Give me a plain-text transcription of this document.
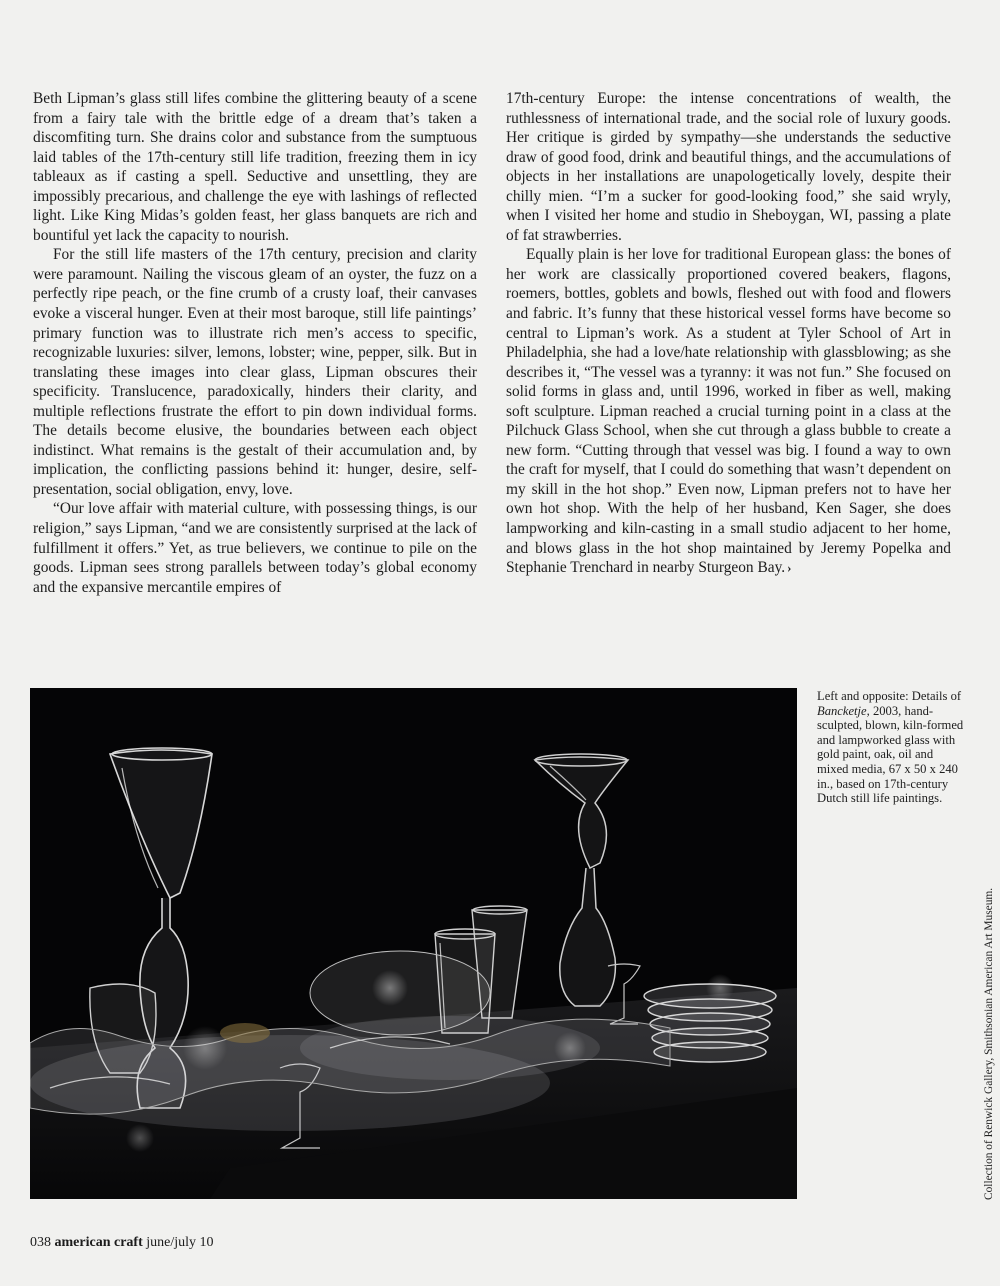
Beth Lipman’s glass still lifes combine the glittering beauty of a scene from a fairy tale with the brittle edge of a dream that’s taken a discomfiting turn. She drains color and substance from the sumptuous laid tables of the 17th-century still life tradition, freezing them in icy tableaux as if casting a spell. Seductive and unsettling, they are impossibly precarious, and challenge the eye with lashings of reflected light. Like King Midas’s golden feast, her glass banquets are rich and bountiful yet lack the capacity to nourish.

For the still life masters of the 17th century, precision and clarity were paramount. Nailing the viscous gleam of an oyster, the fuzz on a perfectly ripe peach, or the fine crumb of a crusty loaf, their canvases evoke a visceral hunger. Even at their most baroque, still life paintings’ primary function was to illustrate rich men’s access to specific, recognizable luxuries: silver, lemons, lobster; wine, pepper, silk. But in translating these images into clear glass, Lipman obscures their specificity. Translucence, paradoxically, hinders their clarity, and multiple reflections frustrate the effort to pin down individual forms. The details become elusive, the boundaries between each object indistinct. What remains is the gestalt of their accumulation and, by implication, the conflicting passions behind it: hunger, desire, self-presentation, social obligation, envy, love.

“Our love affair with material culture, with possessing things, is our religion,” says Lipman, “and we are consistently surprised at the lack of fulfillment it offers.” Yet, as true believers, we continue to pile on the goods. Lipman sees strong parallels between today’s global economy and the expansive mercantile empires of

17th-century Europe: the intense concentrations of wealth, the ruthlessness of international trade, and the social role of luxury goods. Her critique is girded by sympathy—she understands the seductive draw of good food, drink and beautiful things, and the accumulations of objects in her installations are unapologetically lovely, despite their chilly mien. “I’m a sucker for good-looking food,” she said wryly, when I visited her home and studio in Sheboygan, WI, passing a plate of fat strawberries.

Equally plain is her love for traditional European glass: the bones of her work are classically proportioned covered beakers, flagons, roemers, bottles, goblets and bowls, fleshed out with food and flowers and fabric. It’s funny that these historical vessel forms have become so central to Lipman’s work. As a student at Tyler School of Art in Philadelphia, she had a love/hate relationship with glassblowing; as she describes it, “The vessel was a tyranny: it was not fun.” She focused on solid forms in glass and, until 1996, worked in fiber as well, making soft sculpture. Lipman reached a crucial turning point in a class at the Pilchuck Glass School, when she cut through a glass bubble to create a new form. “Cutting through that vessel was big. I found a way to own the craft for myself, that I could do something that wasn’t dependent on my skill in the hot shop.” Even now, Lipman prefers not to have her own hot shop. With the help of her husband, Ken Sager, she does lampworking and kiln-casting in a small studio adjacent to her home, and blows glass in the hot shop maintained by Jeremy Popelka and Stephanie Trenchard in nearby Sturgeon Bay. ›

Left and opposite: Details of Bancketje, 2003, hand-sculpted, blown, kiln-formed and lampworked glass with gold paint, oak, oil and mixed media, 67 x 50 x 240 in., based on 17th-century Dutch still life paintings.
Collection of Renwick Gallery, Smithsonian American Art Museum.
038 american craft june/july 10
